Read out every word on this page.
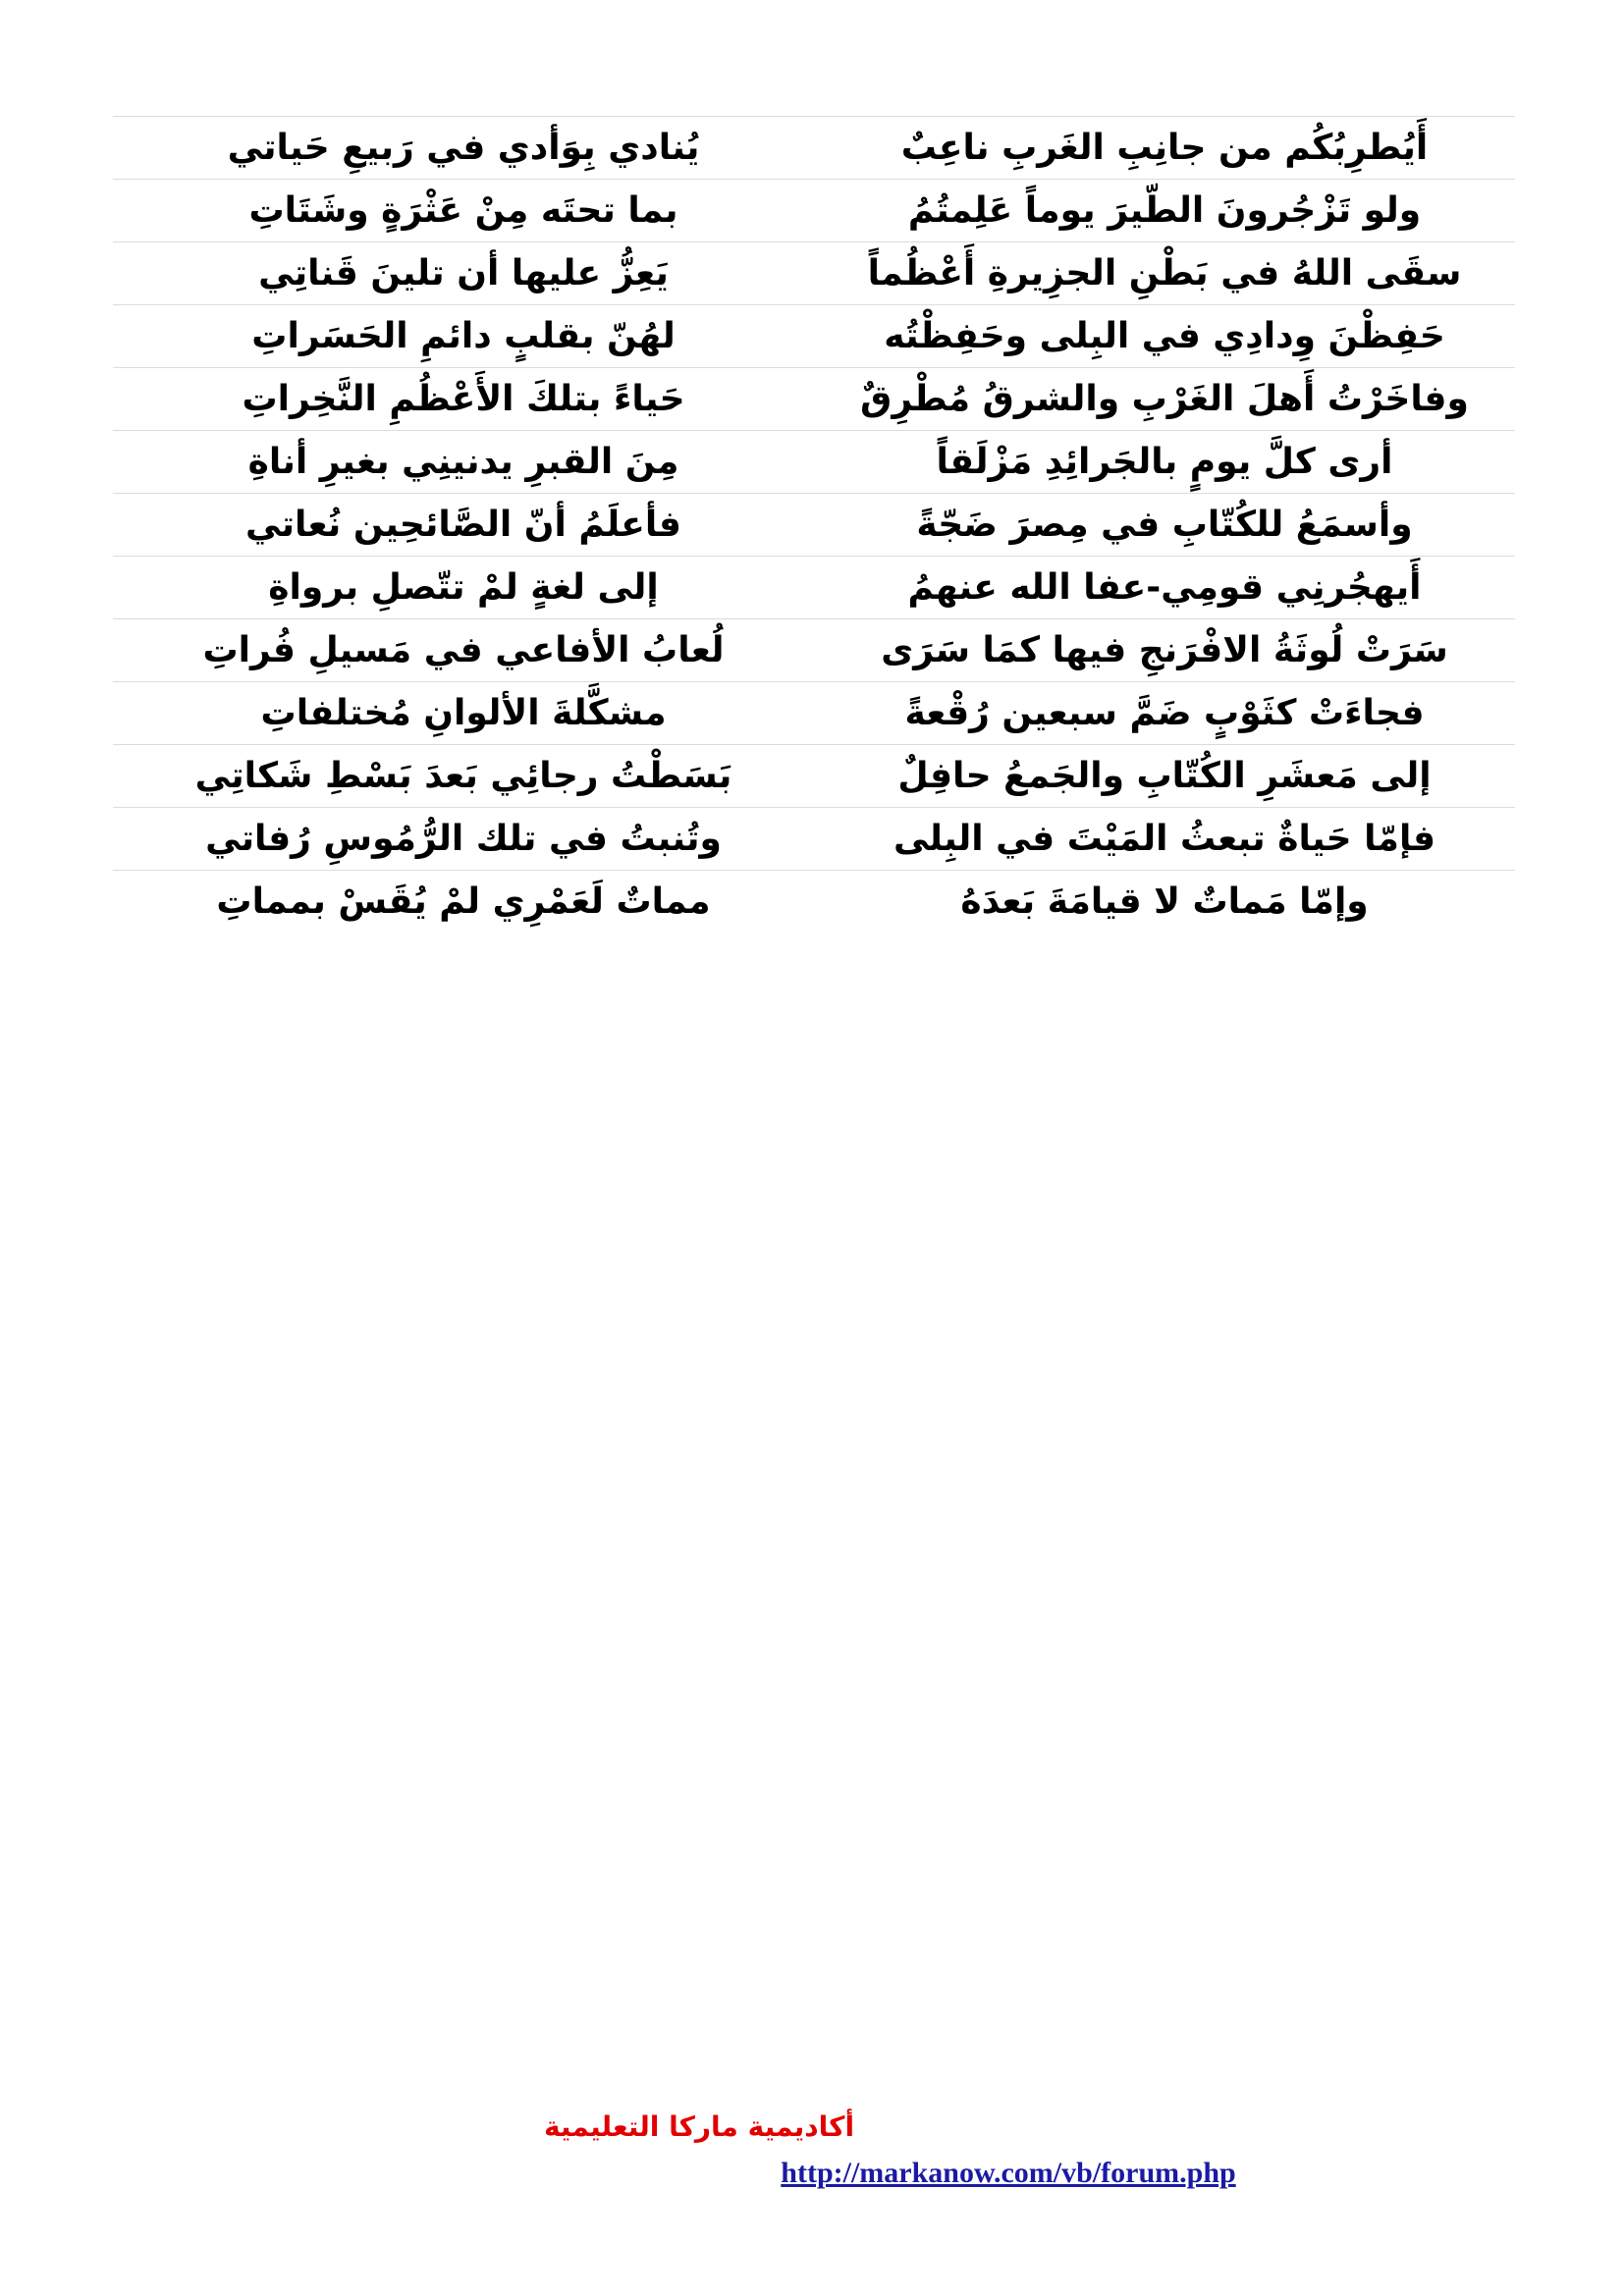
أَيُطرِبُكُم من جانِبِ الغَربِ ناعِبٌ
يُنادي بِوَأدي في رَبيعِ حَياتي
ولو تَزْجُرونَ الطّيرَ يوماً عَلِمتُمُ
بما تحتَه مِنْ عَثْرَةٍ وشَتَاتِ
سقَى اللهُ في بَطْنِ الجزِيرةِ أَعْظُماً
يَعِزُّ عليها أن تلينَ قَناتِي
حَفِظْنَ وِدادِي في البِلى وحَفِظْتُه
لهُنّ بقلبٍ دائمِ الحَسَراتِ
وفاخَرْتُ أَهلَ الغَرْبِ والشرقُ مُطْرِقٌ
حَياءً بتلكَ الأَعْظُمِ النَّخِراتِ
أرى كلَّ يومٍ بالجَرائِدِ مَزْلَقاً
مِنَ القبرِ يدنينِي بغيرِ أناةِ
وأسمَعُ للكُتّابِ في مِصرَ ضَجّةً
فأعلَمُ أنّ الصَّائحِين نُعاتي
أَيهجُرنِي قومِي-عفا الله عنهمُ
إلى لغةٍ لمْ تتّصلِ برواةِ
سَرَتْ لُوثَةُ الافْرَنجِ فيها كمَا سَرَى
لُعابُ الأفاعي في مَسيلِ فُراتِ
فجاءَتْ كثَوْبٍ ضَمَّ سبعين رُقْعةً
مشكَّلةَ الألوانِ مُختلفاتِ
إلى مَعشَرِ الكُتّابِ والجَمعُ حافِلٌ
بَسَطْتُ رجائِي بَعدَ بَسْطِ شَكاتِي
فإمّا حَياةٌ تبعثُ المَيْتَ في البِلى
وتُنبتُ في تلك الرُّمُوسِ رُفاتي
وإمّا مَماتٌ لا قيامَةَ بَعدَهُ
مماتٌ لَعَمْرِي لمْ يُقَسْ بمماتِ
أكاديمية ماركا التعليمية
http://markanow.com/vb/forum.php
